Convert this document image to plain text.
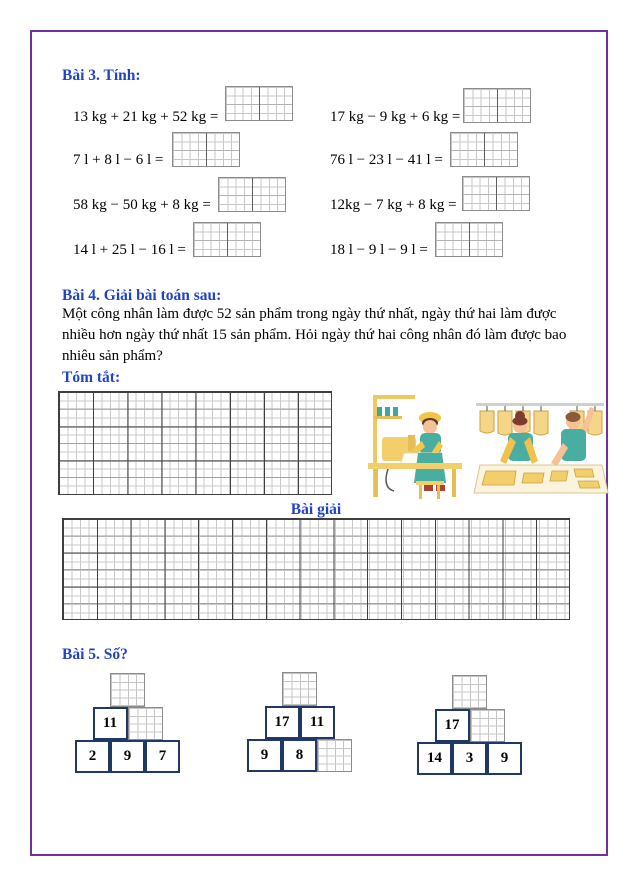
Bài 3. Tính:
13 kg + 21 kg + 52 kg =
7 l + 8 l − 6 l =
58 kg − 50 kg + 8 kg =
14 l + 25 l − 16 l =
17 kg − 9 kg + 6 kg =
76 l − 23 l − 41 l =
12kg − 7 kg + 8 kg =
18 l − 9 l − 9 l =
Bài 4. Giải bài toán sau:
Một công nhân làm được 52 sản phẩm trong ngày thứ nhất, ngày thứ hai làm được nhiều hơn ngày thứ nhất 15 sản phẩm. Hỏi ngày thứ hai công nhân đó làm được bao nhiêu sản phẩm?
Tóm tắt:
Bài giải
Bài 5. Số?
11
2	9	7
17	11
9	8
17
14	3	9
